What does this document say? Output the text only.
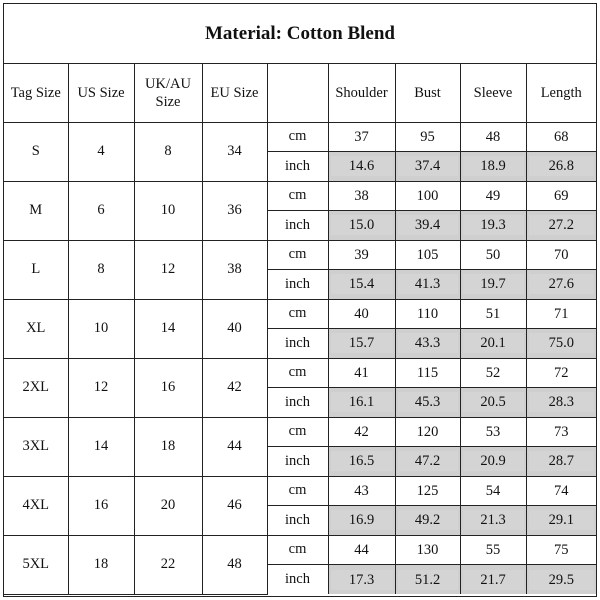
Material: Cotton Blend
Tag Size	US Size	UK/AU Size	EU Size		Shoulder	Bust	Sleeve	Length
S	4	8	34	cm	37	95	48	68

				inch	14.6	37.4	18.9	26.8

M	6	10	36	cm	38	100	49	69

				inch	15.0	39.4	19.3	27.2

L	8	12	38	cm	39	105	50	70

				inch	15.4	41.3	19.7	27.6

XL	10	14	40	cm	40	110	51	71

				inch	15.7	43.3	20.1	75.0

2XL	12	16	42	cm	41	115	52	72

				inch	16.1	45.3	20.5	28.3

3XL	14	18	44	cm	42	120	53	73

				inch	16.5	47.2	20.9	28.7

4XL	16	20	46	cm	43	125	54	74

				inch	16.9	49.2	21.3	29.1

5XL	18	22	48	cm	44	130	55	75

				inch	17.3	51.2	21.7	29.5
